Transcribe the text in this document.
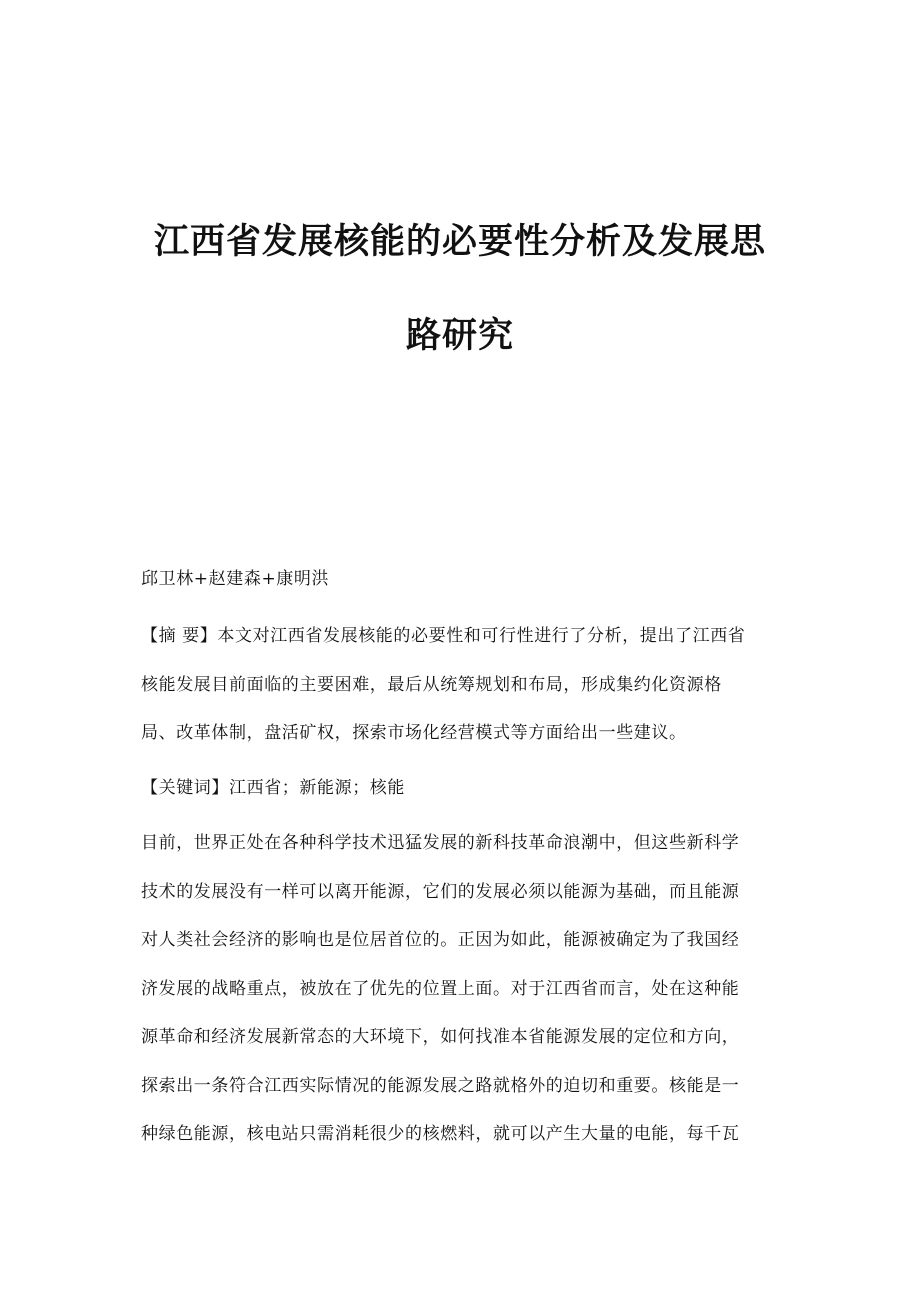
江西省发展核能的必要性分析及发展思
路研究
邱卫林+赵建森+康明洪
【摘 要】本文对江西省发展核能的必要性和可行性进行了分析，提出了江西省
核能发展目前面临的主要困难，最后从统筹规划和布局，形成集约化资源格
局、改革体制，盘活矿权，探索市场化经营模式等方面给出一些建议。
【关键词】江西省；新能源；核能
目前，世界正处在各种科学技术迅猛发展的新科技革命浪潮中，但这些新科学
技术的发展没有一样可以离开能源，它们的发展必须以能源为基础，而且能源
对人类社会经济的影响也是位居首位的。正因为如此，能源被确定为了我国经
济发展的战略重点，被放在了优先的位置上面。对于江西省而言，处在这种能
源革命和经济发展新常态的大环境下，如何找准本省能源发展的定位和方向，
探索出一条符合江西实际情况的能源发展之路就格外的迫切和重要。核能是一
种绿色能源，核电站只需消耗很少的核燃料，就可以产生大量的电能，每千瓦
